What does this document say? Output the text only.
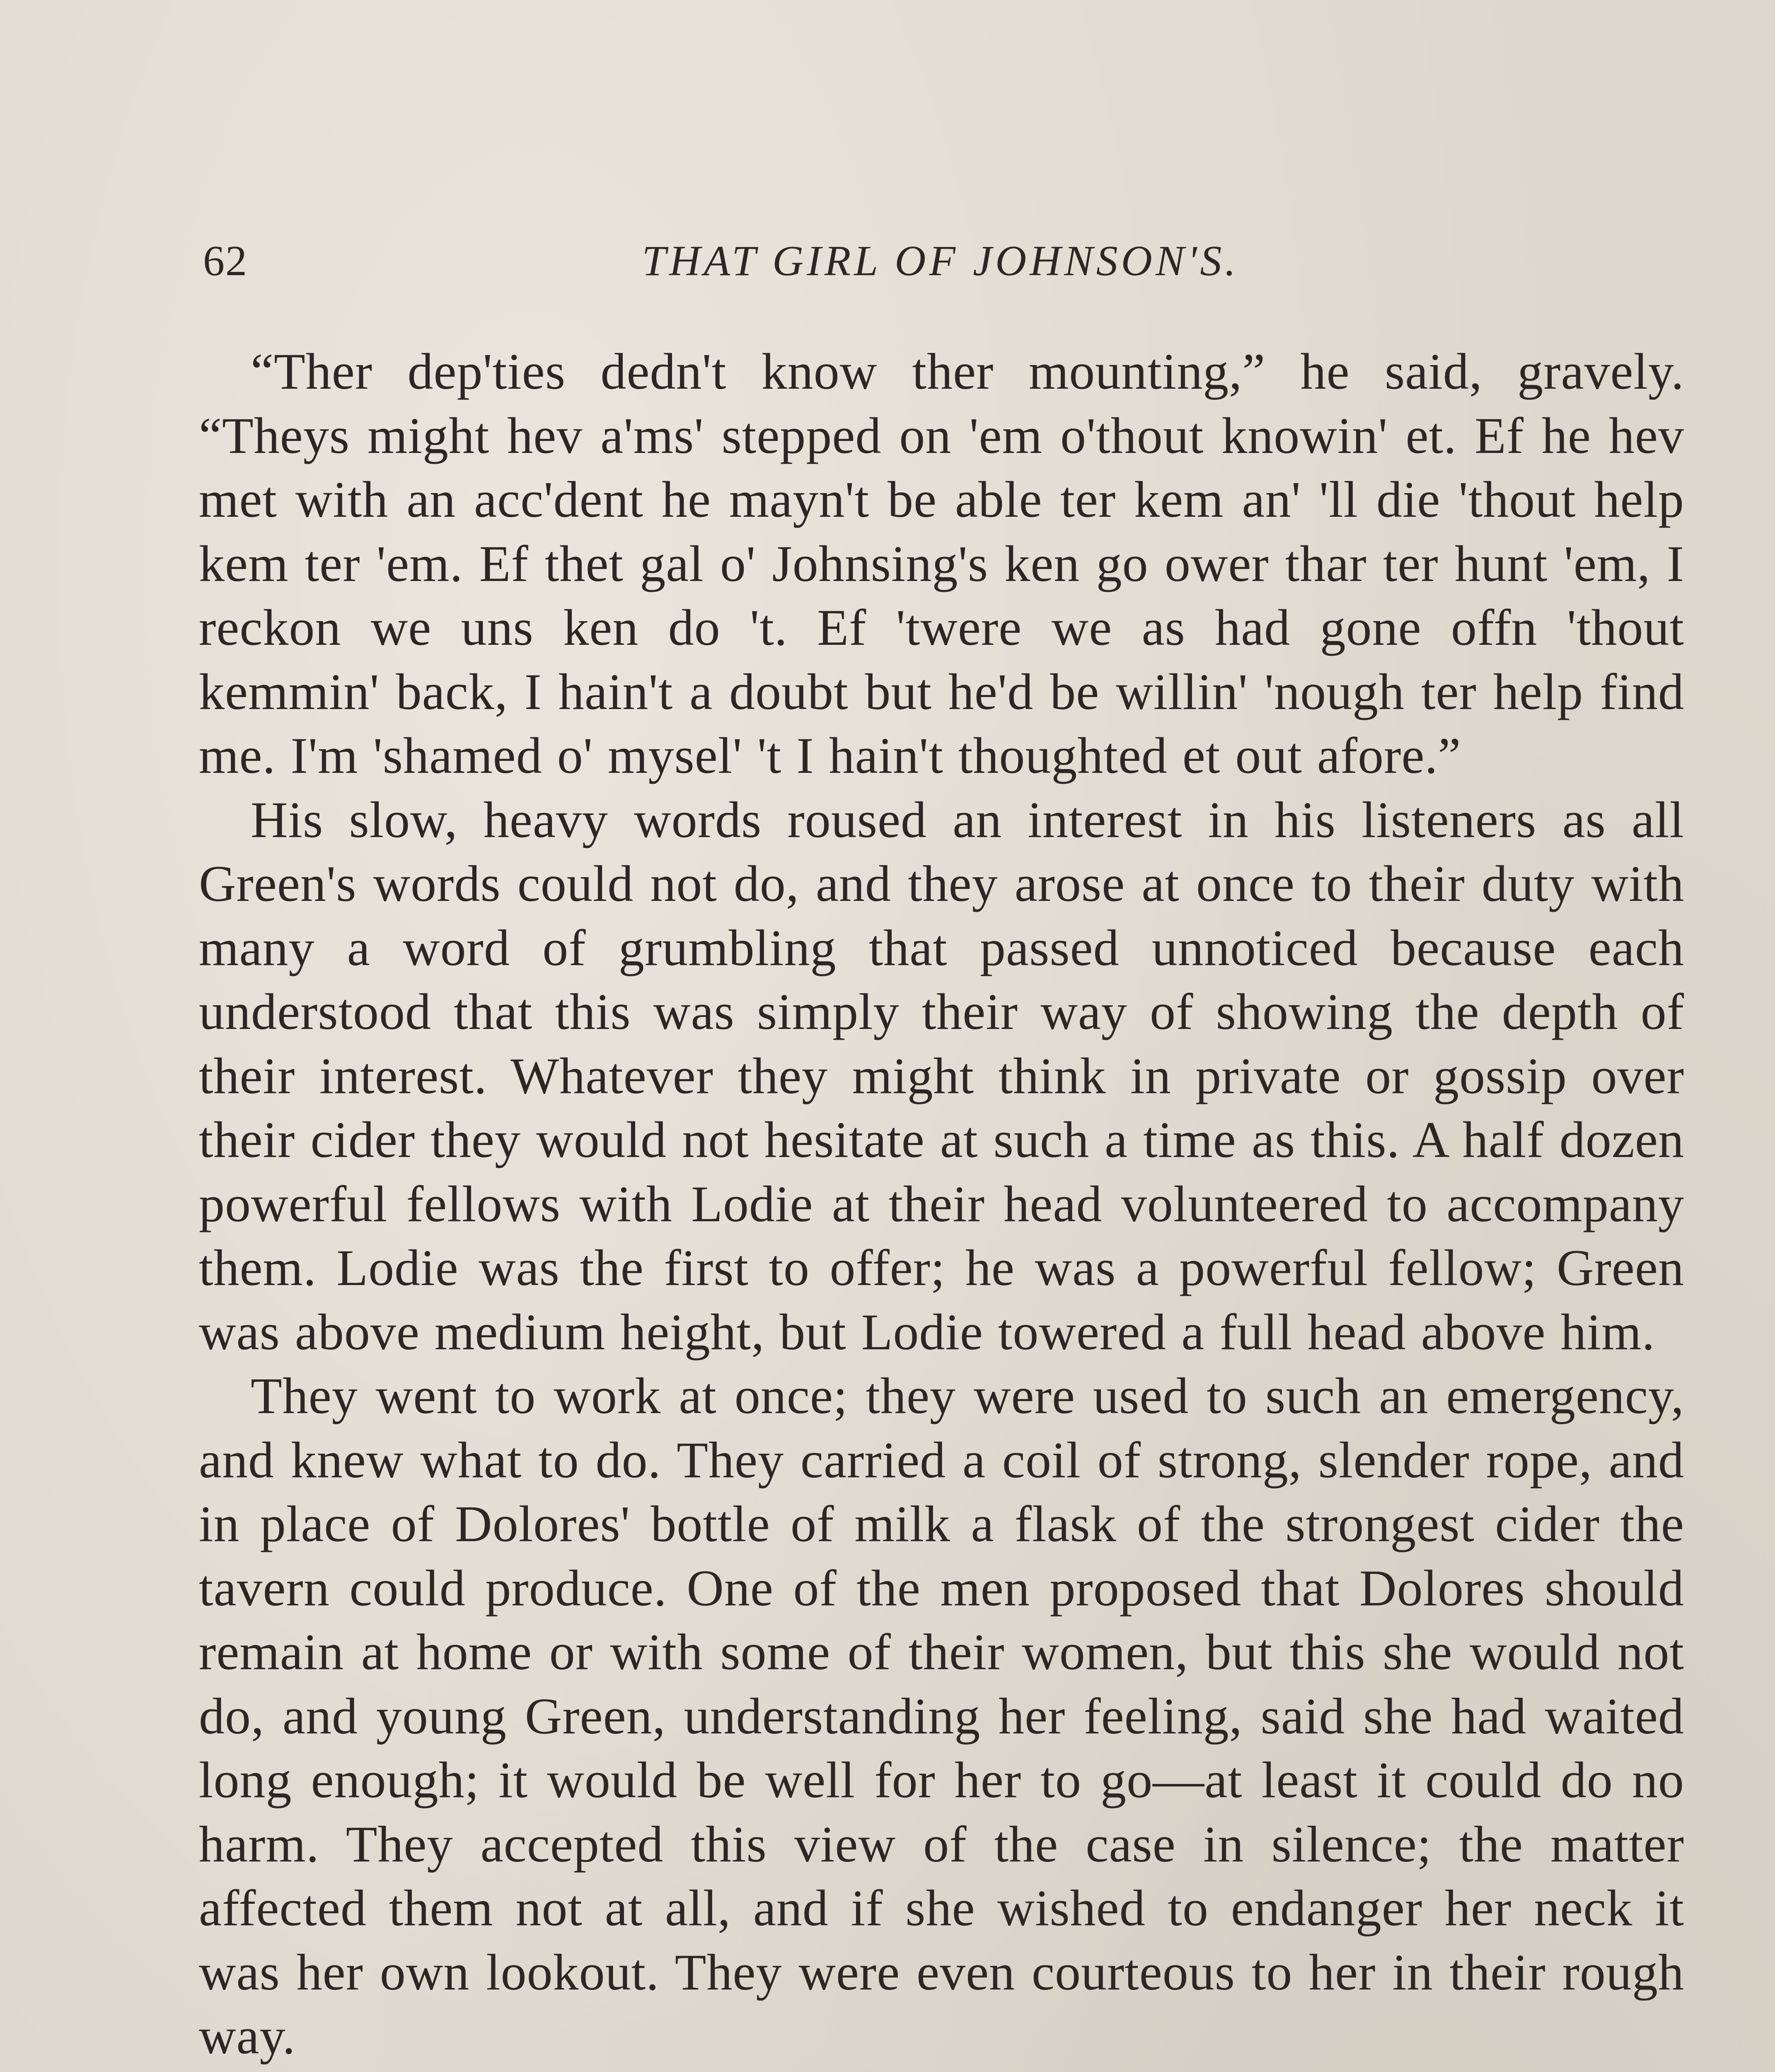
62	THAT GIRL OF JOHNSON'S.

“Ther dep'ties dedn't know ther mounting,” he said, gravely. “Theys might hev a'ms' stepped on 'em o'thout knowin' et. Ef he hev met with an acc'dent he mayn't be able ter kem an' 'll die 'thout help kem ter 'em. Ef thet gal o' Johnsing's ken go ower thar ter hunt 'em, I reckon we uns ken do 't. Ef 'twere we as had gone offn 'thout kemmin' back, I hain't a doubt but he'd be willin' 'nough ter help find me. I'm 'shamed o' mysel' 't I hain't thoughted et out afore.”

His slow, heavy words roused an interest in his listeners as all Green's words could not do, and they arose at once to their duty with many a word of grumbling that passed unnoticed because each understood that this was simply their way of showing the depth of their interest. Whatever they might think in private or gossip over their cider they would not hesitate at such a time as this. A half dozen powerful fellows with Lodie at their head volunteered to accompany them. Lodie was the first to offer; he was a powerful fellow; Green was above medium height, but Lodie towered a full head above him.

They went to work at once; they were used to such an emergency, and knew what to do. They carried a coil of strong, slender rope, and in place of Dolores' bottle of milk a flask of the strongest cider the tavern could produce. One of the men proposed that Dolores should remain at home or with some of their women, but this she would not do, and young Green, understanding her feeling, said she had waited long enough; it would be well for her to go—at least it could do no harm. They accepted this view of the case in silence; the matter affected them not at all, and if she wished to endanger her neck it was her own lookout. They were even courteous to her in their rough way.
